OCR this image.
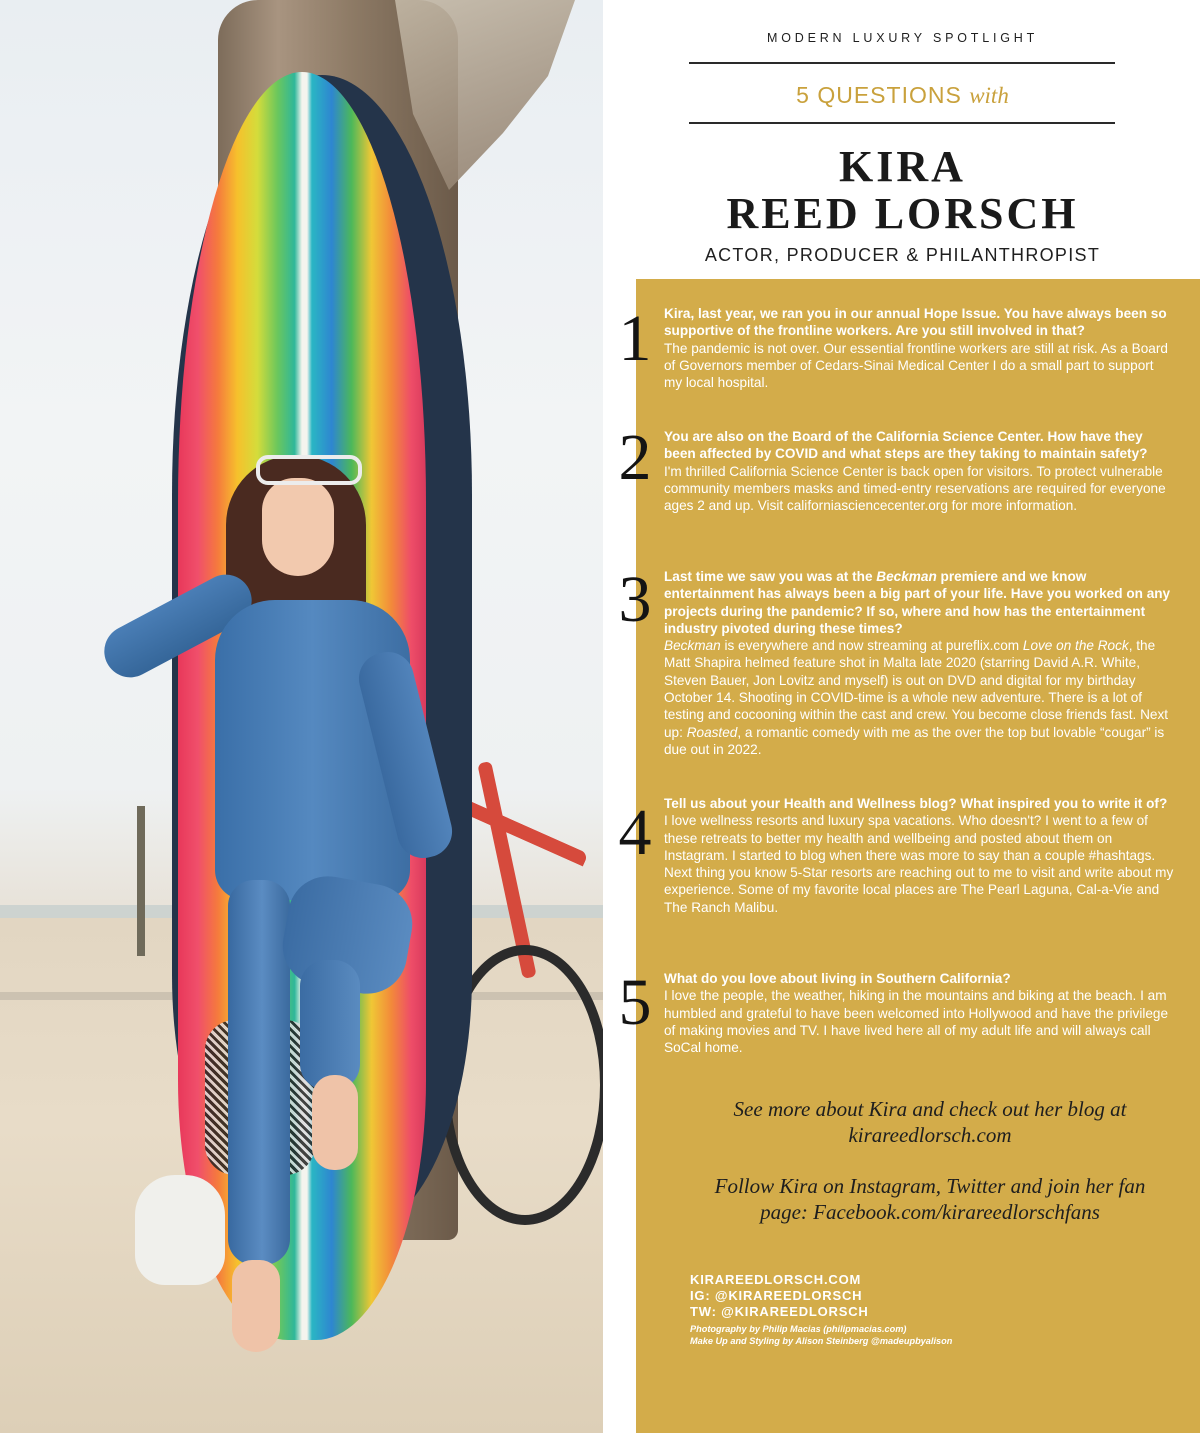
MODERN LUXURY SPOTLIGHT
5 QUESTIONS with
KIRA
REED LORSCH
ACTOR, PRODUCER & PHILANTHROPIST
1 Kira, last year, we ran you in our annual Hope Issue. You have always been so supportive of the frontline workers. Are you still involved in that?
The pandemic is not over. Our essential frontline workers are still at risk. As a Board of Governors member of Cedars-Sinai Medical Center I do a small part to support my local hospital.
2 You are also on the Board of the California Science Center. How have they been affected by COVID and what steps are they taking to maintain safety?
I'm thrilled California Science Center is back open for visitors. To protect vulnerable community members masks and timed-entry reservations are required for everyone ages 2 and up. Visit californiasciencecenter.org for more information.
3 Last time we saw you was at the Beckman premiere and we know entertainment has always been a big part of your life. Have you worked on any projects during the pandemic? If so, where and how has the entertainment industry pivoted during these times?
Beckman is everywhere and now streaming at pureflix.com Love on the Rock, the Matt Shapira helmed feature shot in Malta late 2020 (starring David A.R. White, Steven Bauer, Jon Lovitz and myself) is out on DVD and digital for my birthday October 14. Shooting in COVID-time is a whole new adventure. There is a lot of testing and cocooning within the cast and crew. You become close friends fast. Next up: Roasted, a romantic comedy with me as the over the top but lovable “cougar” is due out in 2022.
4 Tell us about your Health and Wellness blog? What inspired you to write it of?
I love wellness resorts and luxury spa vacations. Who doesn't? I went to a few of these retreats to better my health and wellbeing and posted about them on Instagram. I started to blog when there was more to say than a couple #hashtags. Next thing you know 5-Star resorts are reaching out to me to visit and write about my experience. Some of my favorite local places are The Pearl Laguna, Cal-a-Vie and The Ranch Malibu.
5 What do you love about living in Southern California?
I love the people, the weather, hiking in the mountains and biking at the beach. I am humbled and grateful to have been welcomed into Hollywood and have the privilege of making movies and TV. I have lived here all of my adult life and will always call SoCal home.
See more about Kira and check out her blog at kirareedlorsch.com
Follow Kira on Instagram, Twitter and join her fan page: Facebook.com/kirareedlorschfans
KIRAREEDLORSCH.COM
IG: @KIRAREEDLORSCH
TW: @KIRAREEDLORSCH
Photography by Philip Macias (philipmacias.com)
Make Up and Styling by Alison Steinberg @madeupbyalison
